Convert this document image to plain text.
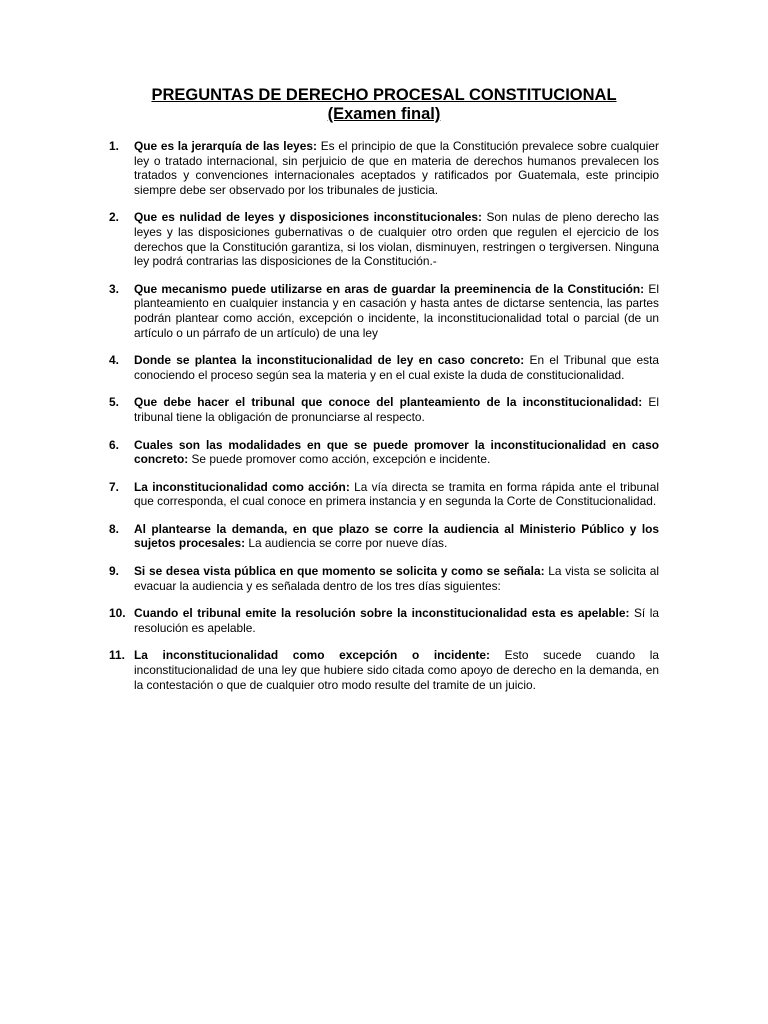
PREGUNTAS DE DERECHO PROCESAL CONSTITUCIONAL

(Examen final)

1. Que es la jerarquía de las leyes: Es el principio de que la Constitución prevalece sobre cualquier ley o tratado internacional, sin perjuicio de que en materia de derechos humanos prevalecen los tratados y convenciones internacionales aceptados y ratificados por Guatemala, este principio siempre debe ser observado por los tribunales de justicia.
2. Que es nulidad de leyes y disposiciones inconstitucionales: Son nulas de pleno derecho las leyes y las disposiciones gubernativas o de cualquier otro orden que regulen el ejercicio de los derechos que la Constitución garantiza, si los violan, disminuyen, restringen o tergiversen. Ninguna ley podrá contrarias las disposiciones de la Constitución.-
3. Que mecanismo puede utilizarse en aras de guardar la preeminencia de la Constitución: El planteamiento en cualquier instancia y en casación y hasta antes de dictarse sentencia, las partes podrán plantear como acción, excepción o incidente, la inconstitucionalidad total o parcial (de un artículo o un párrafo de un artículo) de una ley
4. Donde se plantea la inconstitucionalidad de ley en caso concreto: En el Tribunal que esta conociendo el proceso según sea la materia y en el cual existe la duda de constitucionalidad.
5. Que debe hacer el tribunal que conoce del planteamiento de la inconstitucionalidad: El tribunal tiene la obligación de pronunciarse al respecto.
6. Cuales son las modalidades en que se puede promover la inconstitucionalidad en caso concreto: Se puede promover como acción, excepción e incidente.
7. La inconstitucionalidad como acción: La vía directa se tramita en forma rápida ante el tribunal que corresponda, el cual conoce en primera instancia y en segunda la Corte de Constitucionalidad.
8. Al plantearse la demanda, en que plazo se corre la audiencia al Ministerio Público y los sujetos procesales: La audiencia se corre por nueve días.
9. Si se desea vista pública en que momento se solicita y como se señala: La vista se solicita al evacuar la audiencia y es señalada dentro de los tres días siguientes:
10. Cuando el tribunal emite la resolución sobre la inconstitucionalidad esta es apelable: Sí la resolución es apelable.
11. La inconstitucionalidad como excepción o incidente: Esto sucede cuando la inconstitucionalidad de una ley que hubiere sido citada como apoyo de derecho en la demanda, en la contestación o que de cualquier otro modo resulte del tramite de un juicio.
